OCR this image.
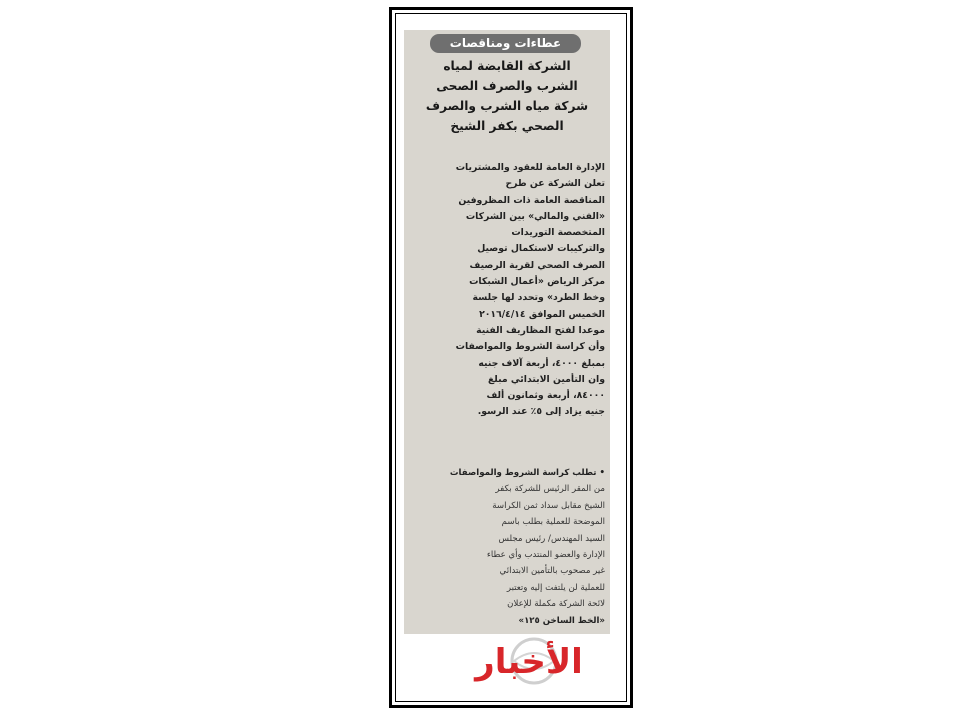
عطاءات ومناقصات
الشركة القابضة لمياه
الشرب والصرف الصحى
شركة مياه الشرب والصرف
الصحي بكفر الشيخ
الإدارة العامة للعقود والمشتريات
تعلن الشركة عن طرح
المناقصة العامة ذات المظروفين
«الفني والمالي» بين الشركات
المتخصصة التوريدات
والتركيبات لاستكمال توصيل
الصرف الصحي لقرية الرصيف
مركز الرياض «أعمال الشبكات
وخط الطرد» وتحدد لها جلسة
الخميس الموافق ٢٠١٦/٤/١٤
موعدا لفتح المظاريف الفنية
وأن كراسة الشروط والمواصفات
بمبلغ ٤٠٠٠، أربعة آلاف جنيه
وان التأمين الابتدائي مبلغ
٨٤٠٠٠، أربعة وثمانون ألف
جنيه يزاد إلى ٥٪ عند الرسو.
• تطلب كراسة الشروط والمواصفات
من المقر الرئيس للشركة بكفر
الشيخ مقابل سداد ثمن الكراسة
الموضحة للعملية بطلب باسم
السيد المهندس/ رئيس مجلس
الإدارة والعضو المنتدب وأي عطاء
غير مصحوب بالتأمين الابتدائي
للعملية لن يلتفت إليه وتعتبر
لائحة الشركة مكملة للإعلان
«الخط الساخن ١٢٥»
الأخبار
